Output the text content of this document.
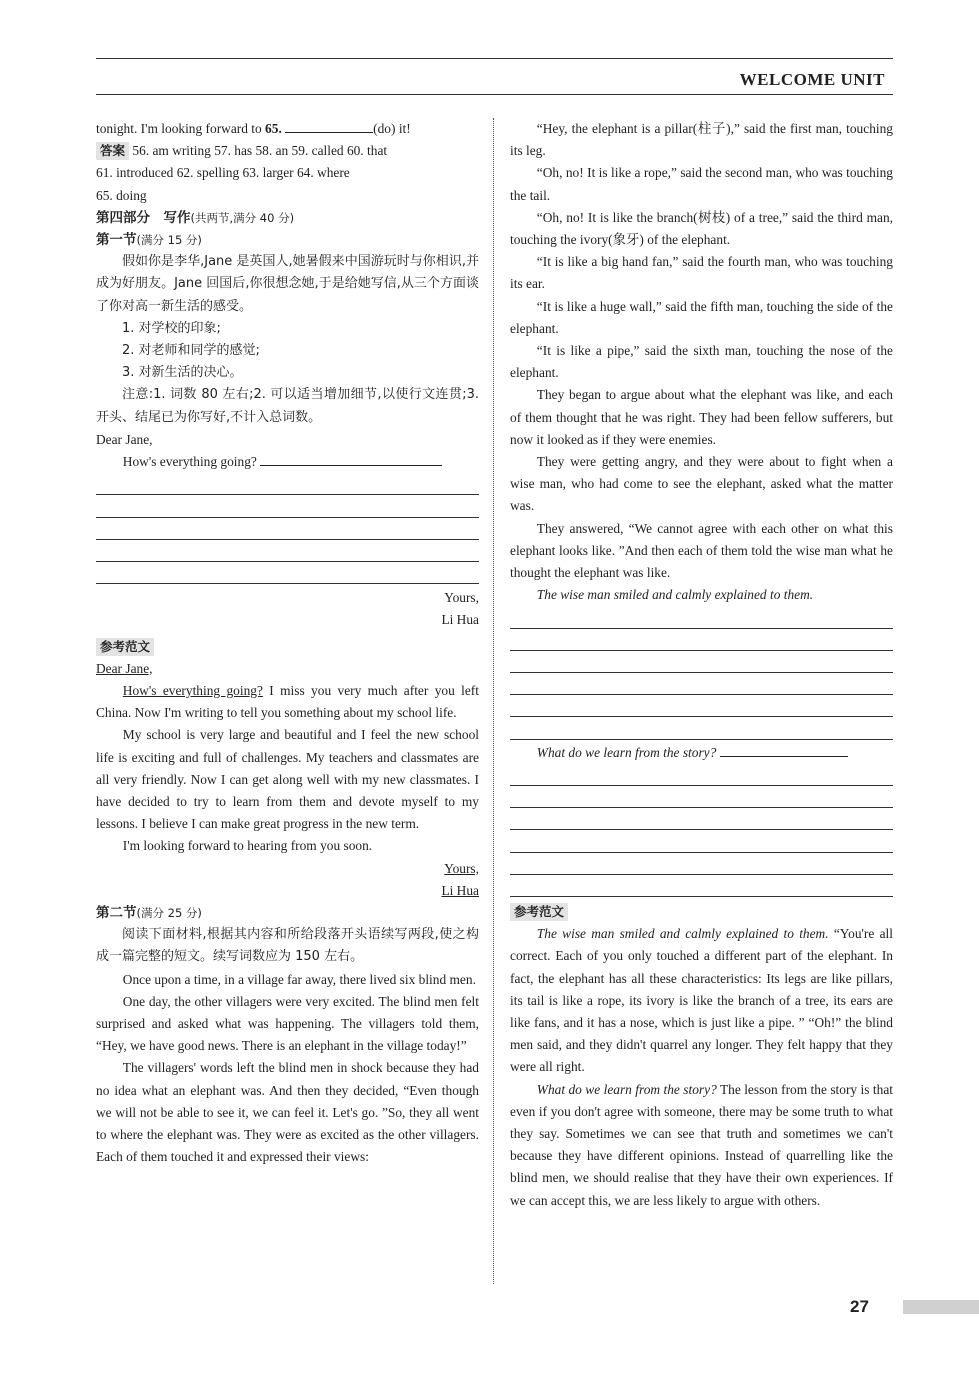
WELCOME UNIT

tonight. I'm looking forward to 65.	(do) it!

答案 56. am writing 57. has 58. an 59. called 60. that

61. introduced 62. spelling 63. larger 64. where

65. doing

第四部分　写作(共两节,满分 40 分)

第一节(满分 15 分)

假如你是李华,Jane 是英国人,她暑假来中国游玩时与你相识,并成为好朋友。Jane 回国后,你很想念她,于是给她写信,从三个方面谈了你对高一新生活的感受。

1. 对学校的印象;

2. 对老师和同学的感觉;

3. 对新生活的决心。

注意:1. 词数 80 左右;2. 可以适当增加细节,以使行文连贯;3. 开头、结尾已为你写好,不计入总词数。

Dear Jane,

How's everything going?

Yours,

Li Hua

参考范文

Dear Jane,

How's everything going? I miss you very much after you left China. Now I'm writing to tell you something about my school life.

My school is very large and beautiful and I feel the new school life is exciting and full of challenges. My teachers and classmates are all very friendly. Now I can get along well with my new classmates. I have decided to try to learn from them and devote myself to my lessons. I believe I can make great progress in the new term.

I'm looking forward to hearing from you soon.

Yours,

Li Hua

第二节(满分 25 分)

阅读下面材料,根据其内容和所给段落开头语续写两段,使之构成一篇完整的短文。续写词数应为 150 左右。

Once upon a time, in a village far away, there lived six blind men.

One day, the other villagers were very excited. The blind men felt surprised and asked what was happening. The villagers told them, “Hey, we have good news. There is an elephant in the village today!”

The villagers' words left the blind men in shock because they had no idea what an elephant was. And then they decided, “Even though we will not be able to see it, we can feel it. Let's go. ”So, they all went to where the elephant was. They were as excited as the other villagers. Each of them touched it and expressed their views:

“Hey, the elephant is a pillar(柱子),” said the first man, touching its leg.

“Oh, no! It is like a rope,” said the second man, who was touching the tail.

“Oh, no! It is like the branch(树枝) of a tree,” said the third man, touching the ivory(象牙) of the elephant.

“It is like a big hand fan,” said the fourth man, who was touching its ear.

“It is like a huge wall,” said the fifth man, touching the side of the elephant.

“It is like a pipe,” said the sixth man, touching the nose of the elephant.

They began to argue about what the elephant was like, and each of them thought that he was right. They had been fellow sufferers, but now it looked as if they were enemies.

They were getting angry, and they were about to fight when a wise man, who had come to see the elephant, asked what the matter was.

They answered, “We cannot agree with each other on what this elephant looks like. ”And then each of them told the wise man what he thought the elephant was like.

The wise man smiled and calmly explained to them.

What do we learn from the story?

参考范文

The wise man smiled and calmly explained to them. “You're all correct. Each of you only touched a different part of the elephant. In fact, the elephant has all these characteristics: Its legs are like pillars, its tail is like a rope, its ivory is like the branch of a tree, its ears are like fans, and it has a nose, which is just like a pipe. ” “Oh!” the blind men said, and they didn't quarrel any longer. They felt happy that they were all right.

What do we learn from the story? The lesson from the story is that even if you don't agree with someone, there may be some truth to what they say. Sometimes we can see that truth and sometimes we can't because they have different opinions. Instead of quarrelling like the blind men, we should realise that they have their own experiences. If we can accept this, we are less likely to argue with others.

27
